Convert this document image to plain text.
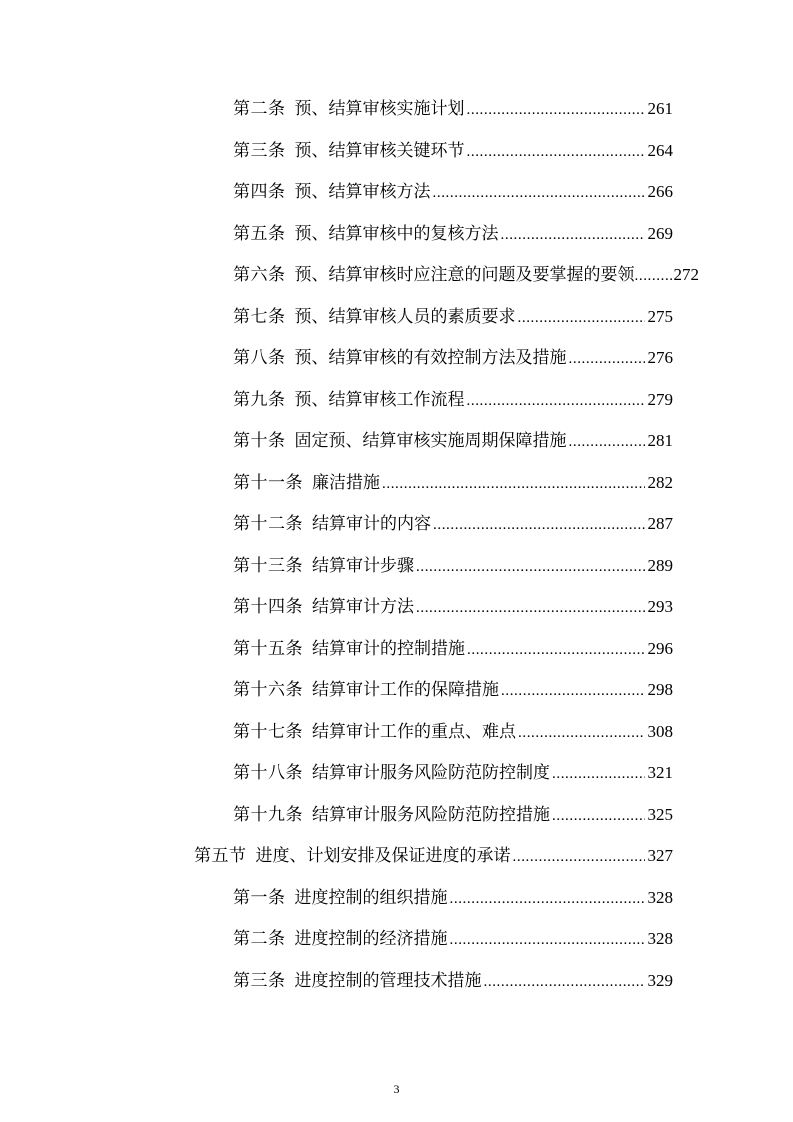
第二条 预、结算审核实施计划 .....	261
第三条 预、结算审核关键环节 .....	264
第四条 预、结算审核方法 .....	266
第五条 预、结算审核中的复核方法 .....	269
第六条 预、结算审核时应注意的问题及要掌握的要领 ..... 272
第七条 预、结算审核人员的素质要求 .....	275
第八条 预、结算审核的有效控制方法及措施 .....	276
第九条 预、结算审核工作流程 .....	279
第十条 固定预、结算审核实施周期保障措施 .....	281
第十一条 廉洁措施 .....	282
第十二条 结算审计的内容 .....	287
第十三条 结算审计步骤 .....	289
第十四条 结算审计方法 .....	293
第十五条 结算审计的控制措施 .....	296
第十六条 结算审计工作的保障措施 .....	298
第十七条 结算审计工作的重点、难点 .....	308
第十八条 结算审计服务风险防范防控制度 .....	321
第十九条 结算审计服务风险防范防控措施 .....	325
第五节 进度、计划安排及保证进度的承诺 .....	327
第一条 进度控制的组织措施 .....	328
第二条 进度控制的经济措施 .....	328
第三条 进度控制的管理技术措施 .....	329
3
